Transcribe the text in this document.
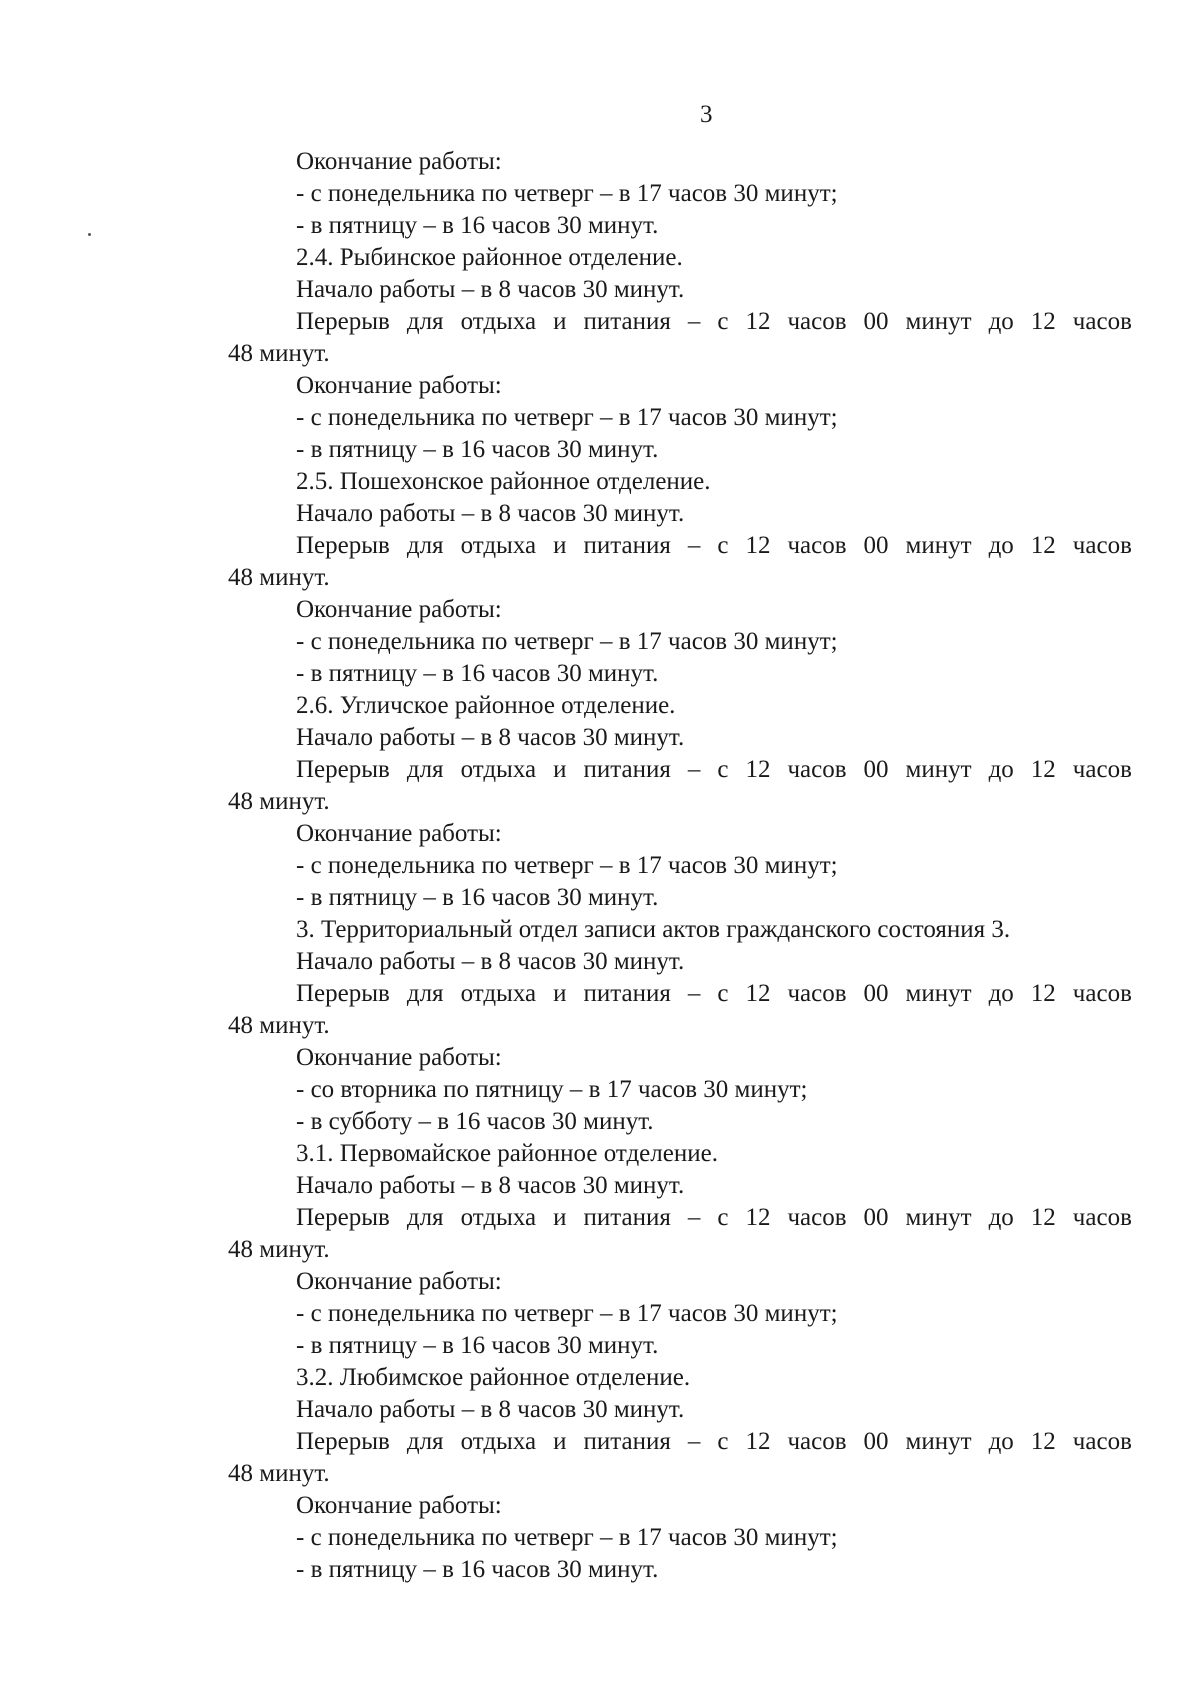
3
Окончание работы:
- с понедельника по четверг – в 17 часов 30 минут;
- в пятницу – в 16 часов 30 минут.
2.4. Рыбинское районное отделение.
Начало работы – в 8 часов 30 минут.
Перерыв для отдыха и питания – с 12 часов 00 минут до 12 часов
48 минут.
Окончание работы:
- с понедельника по четверг – в 17 часов 30 минут;
- в пятницу – в 16 часов 30 минут.
2.5. Пошехонское районное отделение.
Начало работы – в 8 часов 30 минут.
Перерыв для отдыха и питания – с 12 часов 00 минут до 12 часов
48 минут.
Окончание работы:
- с понедельника по четверг – в 17 часов 30 минут;
- в пятницу – в 16 часов 30 минут.
2.6. Угличское районное отделение.
Начало работы – в 8 часов 30 минут.
Перерыв для отдыха и питания – с 12 часов 00 минут до 12 часов
48 минут.
Окончание работы:
- с понедельника по четверг – в 17 часов 30 минут;
- в пятницу – в 16 часов 30 минут.
3. Территориальный отдел записи актов гражданского состояния 3.
Начало работы – в 8 часов 30 минут.
Перерыв для отдыха и питания – с 12 часов 00 минут до 12 часов
48 минут.
Окончание работы:
- со вторника по пятницу – в 17 часов 30 минут;
- в субботу – в 16 часов 30 минут.
3.1. Первомайское районное отделение.
Начало работы – в 8 часов 30 минут.
Перерыв для отдыха и питания – с 12 часов 00 минут до 12 часов
48 минут.
Окончание работы:
- с понедельника по четверг – в 17 часов 30 минут;
- в пятницу – в 16 часов 30 минут.
3.2. Любимское районное отделение.
Начало работы – в 8 часов 30 минут.
Перерыв для отдыха и питания – с 12 часов 00 минут до 12 часов
48 минут.
Окончание работы:
- с понедельника по четверг – в 17 часов 30 минут;
- в пятницу – в 16 часов 30 минут.
